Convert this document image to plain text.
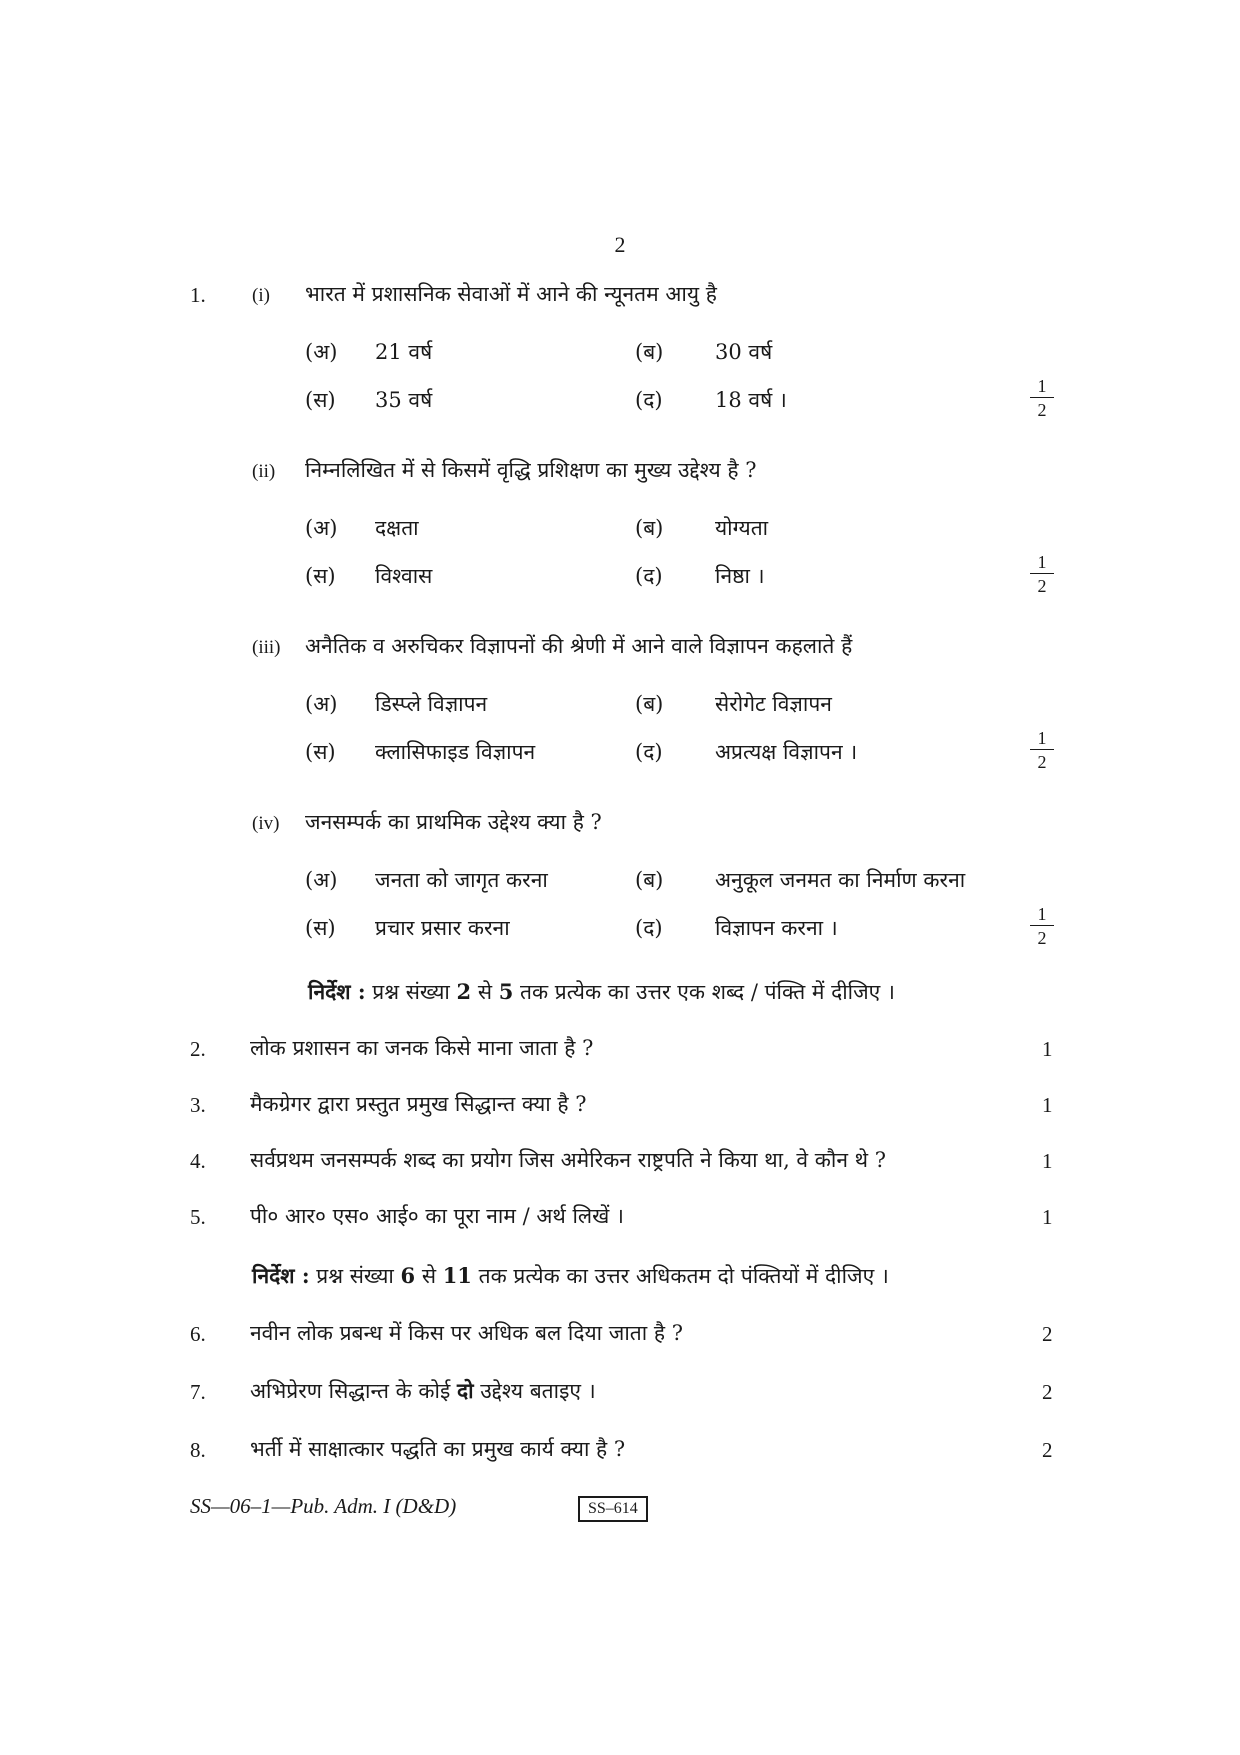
2
1. (i) भारत में प्रशासनिक सेवाओं में आने की न्यूनतम आयु है
(अ) 21 वर्ष	(ब) 30 वर्ष
(स) 35 वर्ष	(द) 18 वर्ष ।
1
2
(ii) निम्नलिखित में से किसमें वृद्धि प्रशिक्षण का मुख्य उद्देश्य है ?
(अ) दक्षता	(ब) योग्यता
(स) विश्वास	(द) निष्ठा ।
1
2
(iii) अनैतिक व अरुचिकर विज्ञापनों की श्रेणी में आने वाले विज्ञापन कहलाते हैं
(अ) डिस्प्ले विज्ञापन	(ब) सेरोगेट विज्ञापन
(स) क्लासिफाइड विज्ञापन	(द) अप्रत्यक्ष विज्ञापन ।
1
2
(iv) जनसम्पर्क का प्राथमिक उद्देश्य क्या है ?
(अ) जनता को जागृत करना	(ब) अनुकूल जनमत का निर्माण करना
(स) प्रचार प्रसार करना	(द) विज्ञापन करना ।
1
2
निर्देश : प्रश्न संख्या 2 से 5 तक प्रत्येक का उत्तर एक शब्द / पंक्ति में दीजिए ।
2. लोक प्रशासन का जनक किसे माना जाता है ?	1
3. मैकग्रेगर द्वारा प्रस्तुत प्रमुख सिद्धान्त क्या है ?	1
4. सर्वप्रथम जनसम्पर्क शब्द का प्रयोग जिस अमेरिकन राष्ट्रपति ने किया था, वे कौन थे ?	1
5. पी० आर० एस० आई० का पूरा नाम / अर्थ लिखें ।	1
निर्देश : प्रश्न संख्या 6 से 11 तक प्रत्येक का उत्तर अधिकतम दो पंक्तियों में दीजिए ।
6. नवीन लोक प्रबन्ध में किस पर अधिक बल दिया जाता है ?	2
7. अभिप्रेरण सिद्धान्त के कोई दो उद्देश्य बताइए ।	2
8. भर्ती में साक्षात्कार पद्धति का प्रमुख कार्य क्या है ?	2
SS—06–1—Pub. Adm. I (D&D)	SS–614
